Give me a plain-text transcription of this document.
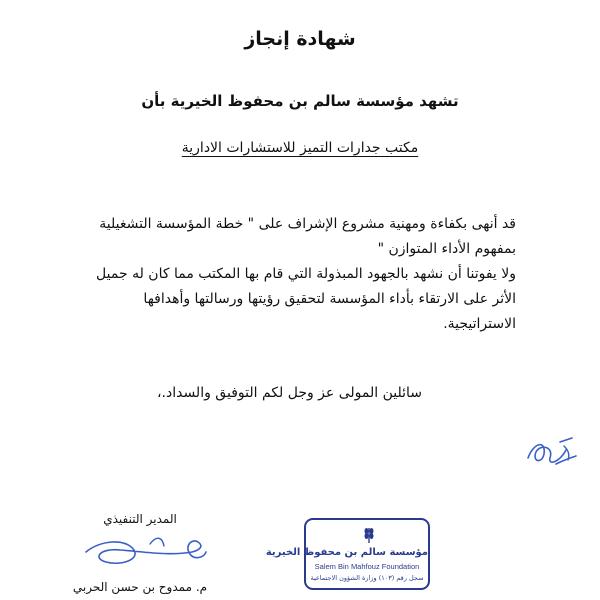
شهادة إنجاز
تشهد مؤسسة سالم بن محفوظ الخيرية بأن
مكتب جدارات التميز للاستشارات الادارية

قد أنهى بكفاءة ومهنية مشروع الإشراف على " خطة المؤسسة التشغيلية بمفهوم الأداء المتوازن "

ولا يفوتنا أن نشهد بالجهود المبذولة التي قام بها المكتب مما كان له جميل الأثر على الارتقاء بأداء المؤسسة لتحقيق رؤيتها ورسالتها وأهدافها الاستراتيجية.

سائلين المولى عز وجل لكم التوفيق والسداد.،
المدير التنفيذي
م. ممدوح بن حسن الحربي
مؤسسة سالم بن محفوظ الخيرية
Salem Bin Mahfouz Foundation
سجل رقم (١٠٣) وزارة الشؤون الاجتماعية
